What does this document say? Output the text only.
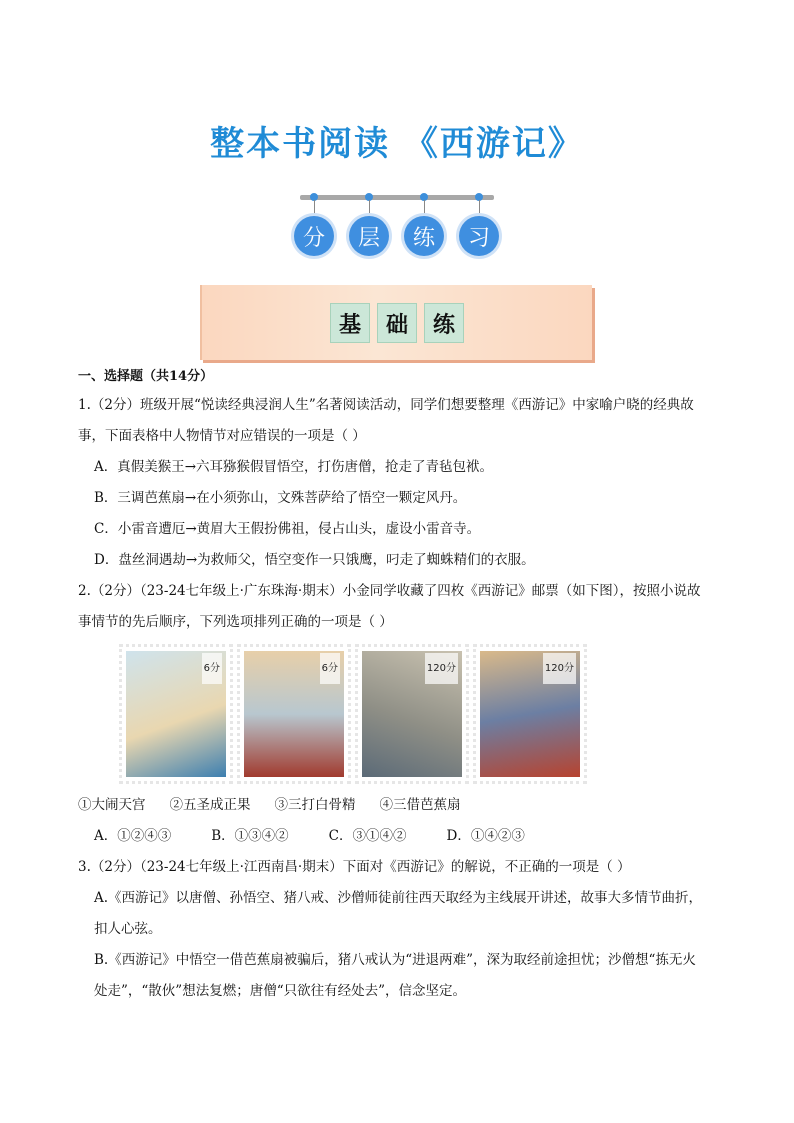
整本书阅读 《西游记》
分	层	练	习
基	础	练
一、选择题（共14分）

1.（2分）班级开展“悦读经典浸润人生”名著阅读活动，同学们想要整理《西游记》中家喻户晓的经典故

事，下面表格中人物情节对应错误的一项是（ ）

A．真假美猴王→六耳猕猴假冒悟空，打伤唐僧，抢走了青毡包袱。

B．三调芭蕉扇→在小须弥山，文殊菩萨给了悟空一颗定风丹。

C．小雷音遭厄→黄眉大王假扮佛祖，侵占山头，虚设小雷音寺。

D．盘丝洞遇劫→为救师父，悟空变作一只饿鹰，叼走了蜘蛛精们的衣服。

2.（2分）（23-24七年级上·广东珠海·期末）小金同学收藏了四枚《西游记》邮票（如下图），按照小说故

事情节的先后顺序，下列选项排列正确的一项是（ ）

6分	6分	120分	120分
①大闹天宫 ②五圣成正果 ③三打白骨精 ④三借芭蕉扇
A．①②④③	B．①③④②	C．③①④②	D．①④②③

3.（2分）（23-24七年级上·江西南昌·期末）下面对《西游记》的解说，不正确的一项是（ ）

A.《西游记》以唐僧、孙悟空、猪八戒、沙僧师徒前往西天取经为主线展开讲述，故事大多情节曲折，

扣人心弦。

B.《西游记》中悟空一借芭蕉扇被骗后，猪八戒认为“进退两难”，深为取经前途担忧；沙僧想“拣无火

处走”，“散伙”想法复燃；唐僧“只欲往有经处去”，信念坚定。
